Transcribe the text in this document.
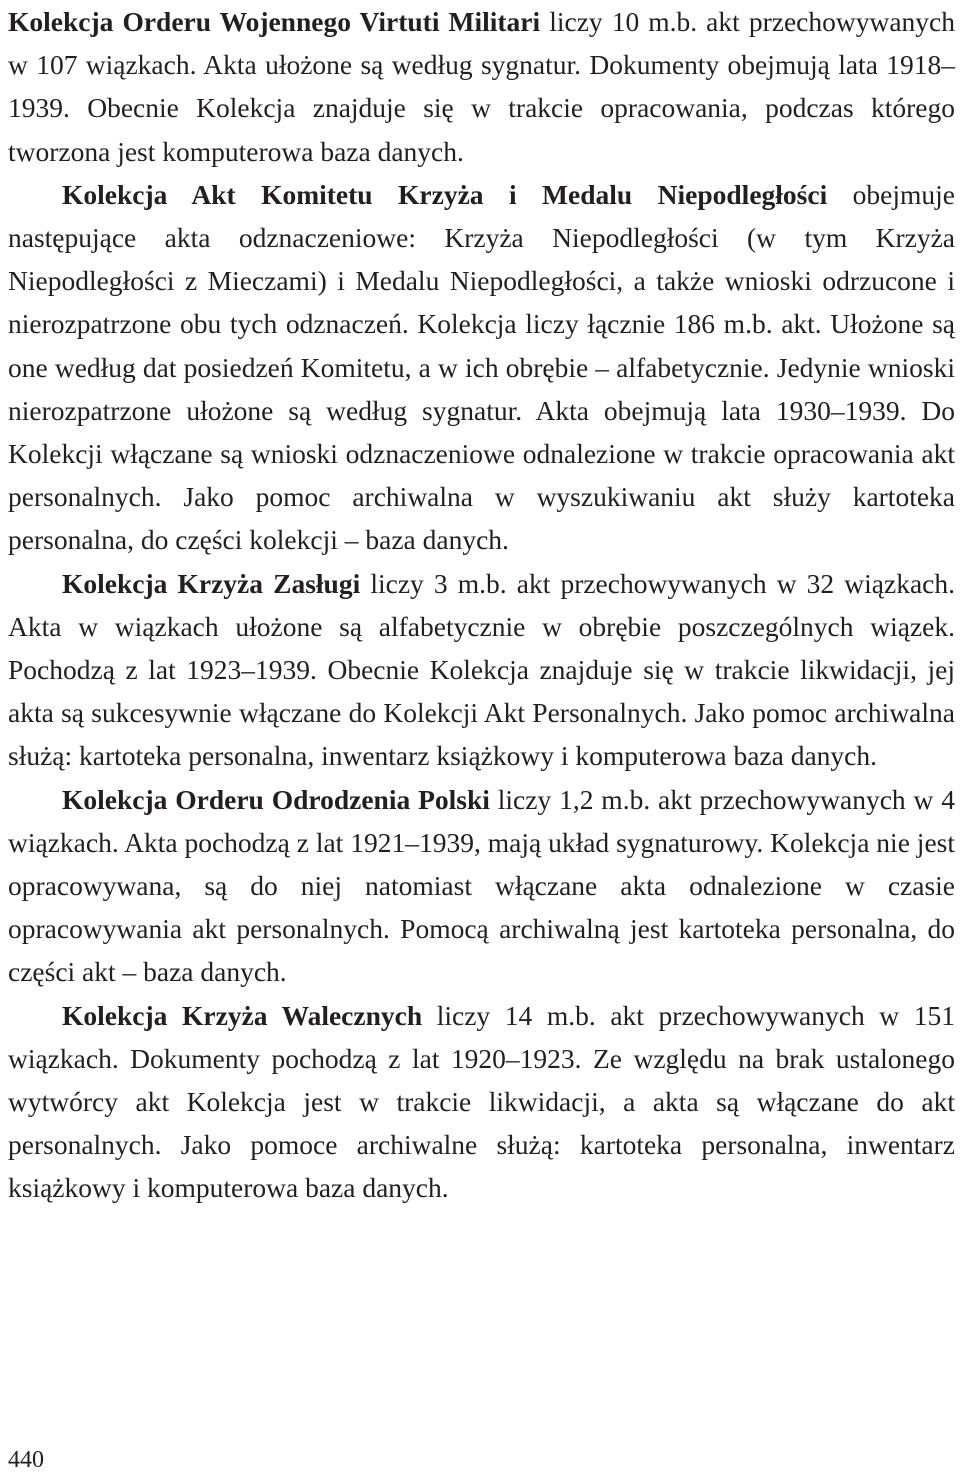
Kolekcja Orderu Wojennego Virtuti Militari liczy 10 m.b. akt przechowywanych w 107 wiązkach. Akta ułożone są według sygnatur. Dokumenty obejmują lata 1918–1939. Obecnie Kolekcja znajduje się w trakcie opracowania, podczas którego tworzona jest komputerowa baza danych.

Kolekcja Akt Komitetu Krzyża i Medalu Niepodległości obejmuje następujące akta odznaczeniowe: Krzyża Niepodległości (w tym Krzyża Niepodległości z Mieczami) i Medalu Niepodległości, a także wnioski odrzucone i nierozpatrzone obu tych odznaczeń. Kolekcja liczy łącznie 186 m.b. akt. Ułożone są one według dat posiedzeń Komitetu, a w ich obrębie – alfabetycznie. Jedynie wnioski nierozpatrzone ułożone są według sygnatur. Akta obejmują lata 1930–1939. Do Kolekcji włączane są wnioski odznaczeniowe odnalezione w trakcie opracowania akt personalnych. Jako pomoc archiwalna w wyszukiwaniu akt służy kartoteka personalna, do części kolekcji – baza danych.

Kolekcja Krzyża Zasługi liczy 3 m.b. akt przechowywanych w 32 wiązkach. Akta w wiązkach ułożone są alfabetycznie w obrębie poszczególnych wiązek. Pochodzą z lat 1923–1939. Obecnie Kolekcja znajduje się w trakcie likwidacji, jej akta są sukcesywnie włączane do Kolekcji Akt Personalnych. Jako pomoc archiwalna służą: kartoteka personalna, inwentarz książkowy i komputerowa baza danych.

Kolekcja Orderu Odrodzenia Polski liczy 1,2 m.b. akt przechowywanych w 4 wiązkach. Akta pochodzą z lat 1921–1939, mają układ sygnaturowy. Kolekcja nie jest opracowywana, są do niej natomiast włączane akta odnalezione w czasie opracowywania akt personalnych. Pomocą archiwalną jest kartoteka personalna, do części akt – baza danych.

Kolekcja Krzyża Walecznych liczy 14 m.b. akt przechowywanych w 151 wiązkach. Dokumenty pochodzą z lat 1920–1923. Ze względu na brak ustalonego wytwórcy akt Kolekcja jest w trakcie likwidacji, a akta są włączane do akt personalnych. Jako pomoce archiwalne służą: kartoteka personalna, inwentarz książkowy i komputerowa baza danych.

440
